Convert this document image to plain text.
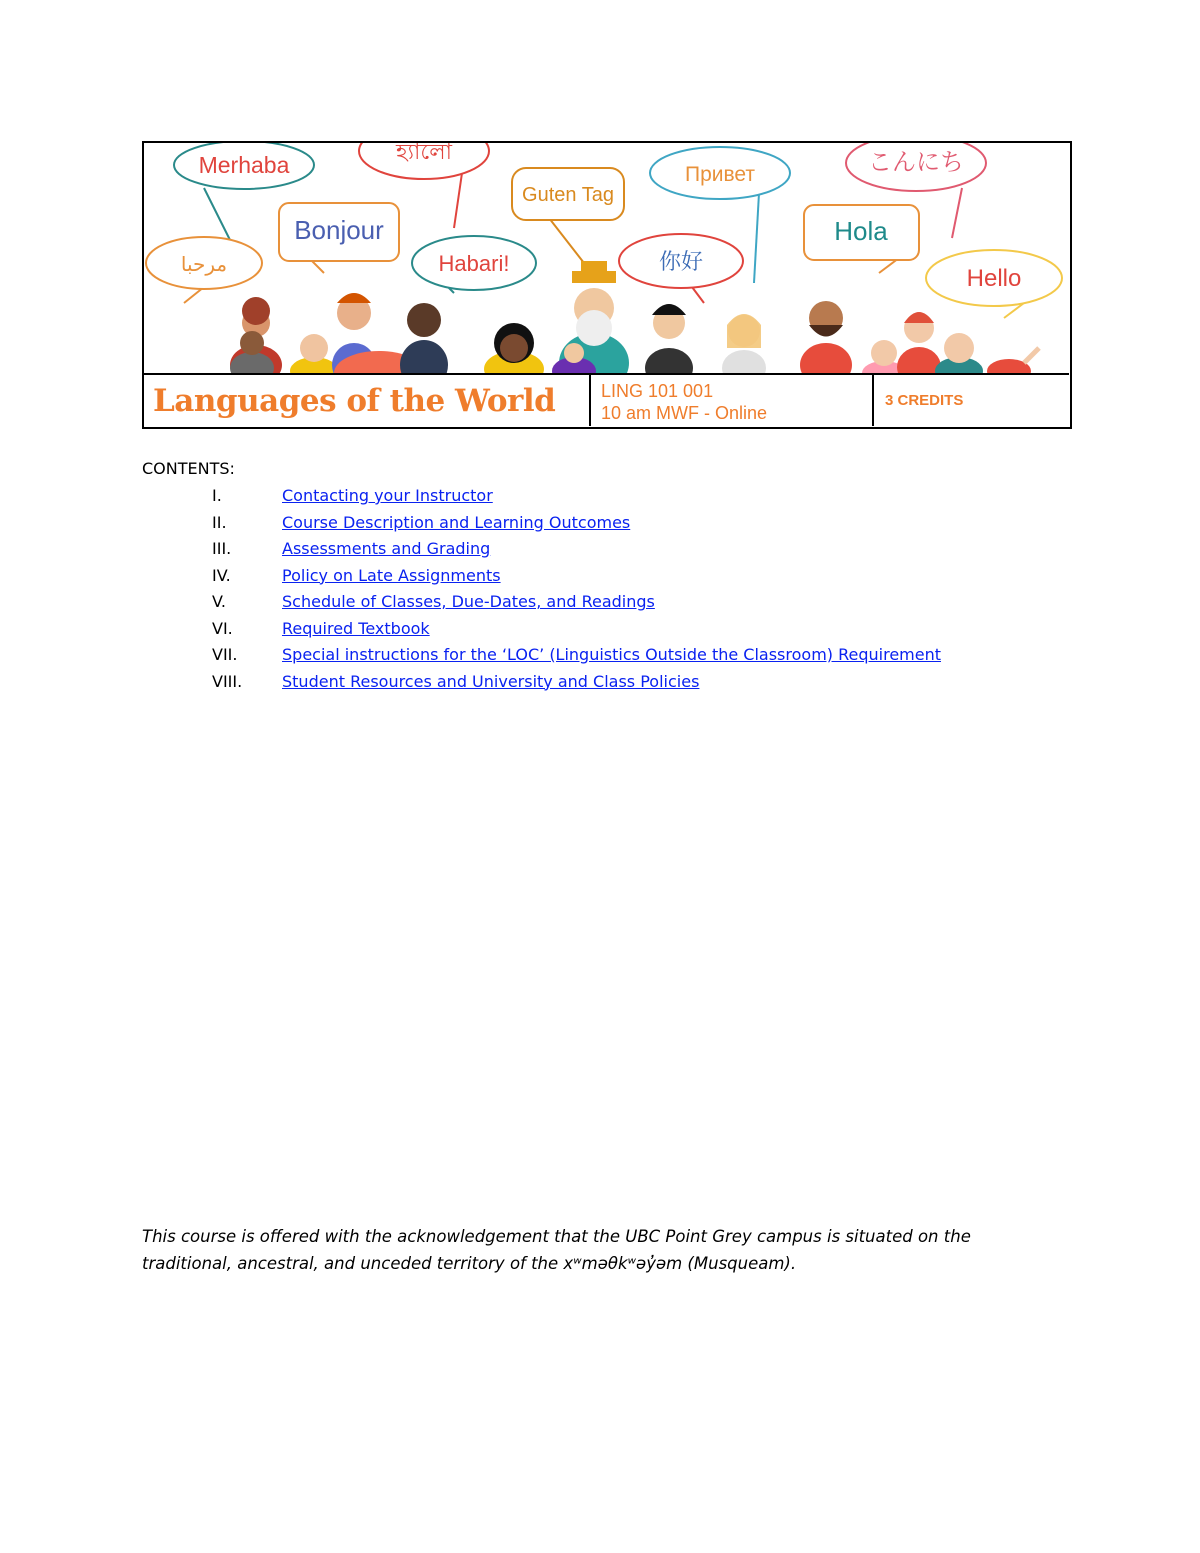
Merhaba	হ্যালো
Guten Tag
Привет	こんにち
مرحبا
Bonjour
Habari!	你好
Hola
Hello
Languages of the World	LING 101 001
10 am MWF - Online
3 CREDITS
CONTENTS:
I.	Contacting your Instructor
II.	Course Description and Learning Outcomes
III.	Assessments and Grading
IV.	Policy on Late Assignments
V.	Schedule of Classes, Due-Dates, and Readings
VI.	Required Textbook
VII.	Special instructions for the ‘LOC’ (Linguistics Outside the Classroom) Requirement
VIII. Student Resources and University and Class Policies
This course is offered with the acknowledgement that the UBC Point Grey campus is situated on the traditional, ancestral, and unceded territory of the xʷməθkʷəy̓əm (Musqueam).
